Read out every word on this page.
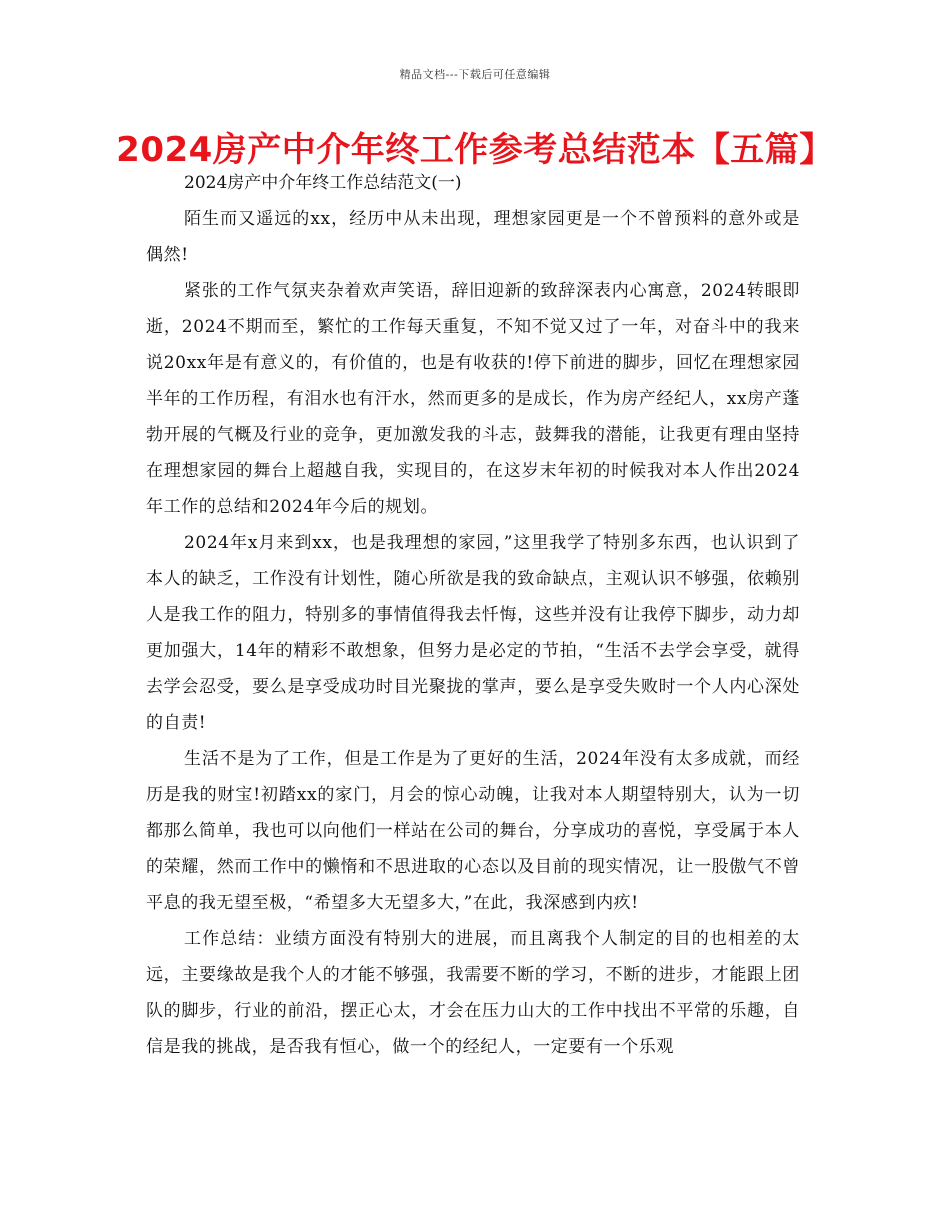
精品文档---下载后可任意编辑
2024房产中介年终工作参考总结范本【五篇】

2024房产中介年终工作总结范文(一)

陌生而又遥远的xx，经历中从未出现，理想家园更是一个不曾预料的意外或是偶然!

紧张的工作气氛夹杂着欢声笑语，辞旧迎新的致辞深表内心寓意，2024转眼即逝，2024不期而至，繁忙的工作每天重复，不知不觉又过了一年，对奋斗中的我来说20xx年是有意义的，有价值的，也是有收获的!停下前进的脚步，回忆在理想家园半年的工作历程，有泪水也有汗水，然而更多的是成长，作为房产经纪人，xx房产蓬勃开展的气概及行业的竞争，更加激发我的斗志，鼓舞我的潜能，让我更有理由坚持在理想家园的舞台上超越自我，实现目的，在这岁末年初的时候我对本人作出2024年工作的总结和2024年今后的规划。

2024年x月来到xx，也是我理想的家园，”这里我学了特别多东西，也认识到了本人的缺乏，工作没有计划性，随心所欲是我的致命缺点，主观认识不够强，依赖别人是我工作的阻力，特别多的事情值得我去忏悔，这些并没有让我停下脚步，动力却更加强大，14年的精彩不敢想象，但努力是必定的节拍，“生活不去学会享受，就得去学会忍受，要么是享受成功时目光聚拢的掌声，要么是享受失败时一个人内心深处的自责!

生活不是为了工作，但是工作是为了更好的生活，2024年没有太多成就，而经历是我的财宝!初踏xx的家门，月会的惊心动魄，让我对本人期望特别大，认为一切都那么简单，我也可以向他们一样站在公司的舞台，分享成功的喜悦，享受属于本人的荣耀，然而工作中的懒惰和不思进取的心态以及目前的现实情况，让一股傲气不曾平息的我无望至极，“希望多大无望多大，”在此，我深感到内疚!

工作总结：业绩方面没有特别大的进展，而且离我个人制定的目的也相差的太远，主要缘故是我个人的才能不够强，我需要不断的学习，不断的进步，才能跟上团队的脚步，行业的前沿，摆正心太，才会在压力山大的工作中找出不平常的乐趣，自信是我的挑战，是否我有恒心，做一个的经纪人，一定要有一个乐观
